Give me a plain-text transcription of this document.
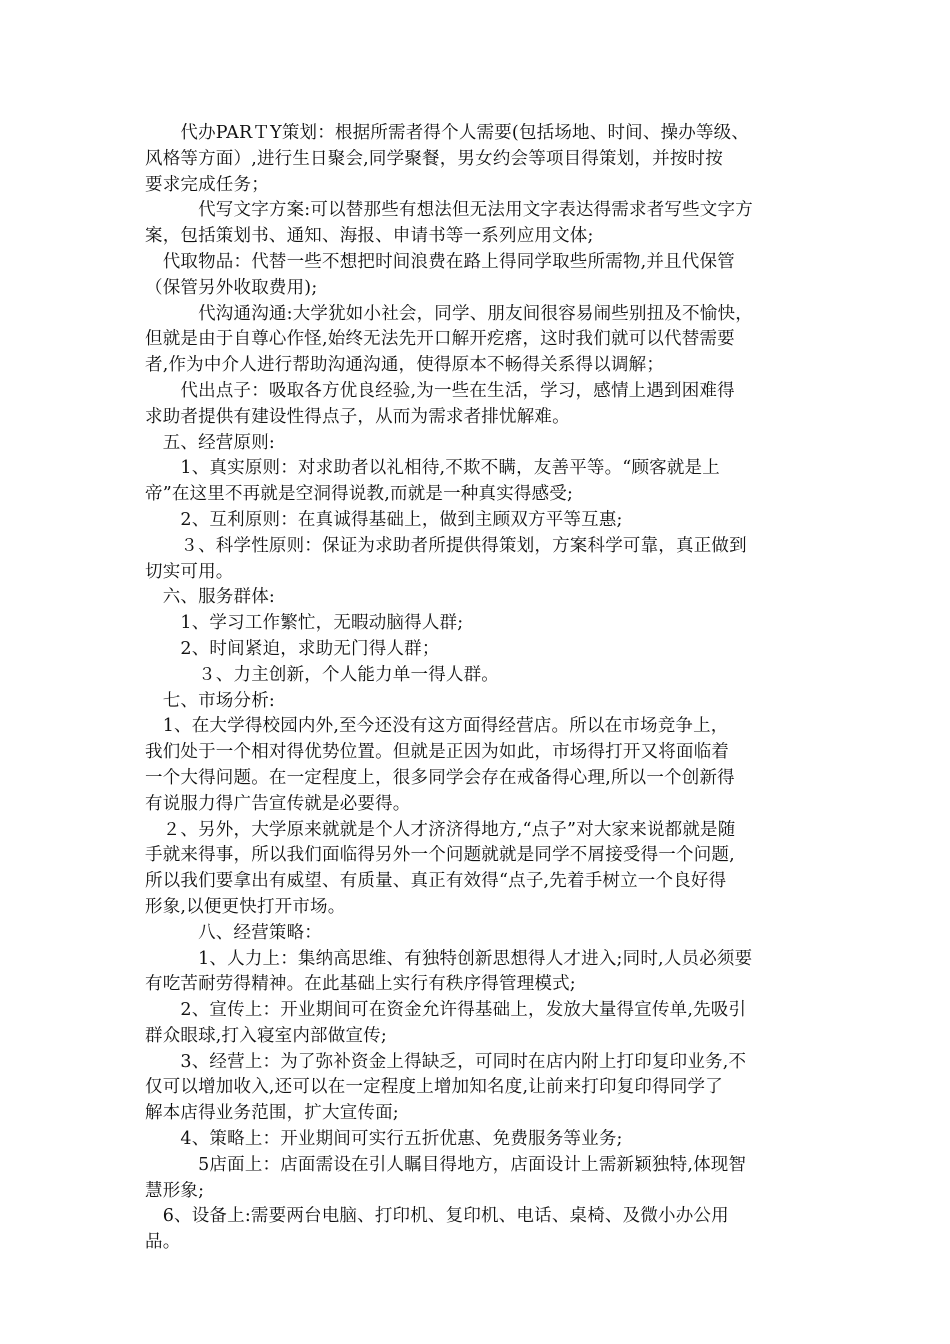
　　代办PARＴY策划：根据所需者得个人需要(包括场地、时间、操办等级、
风格等方面）,进行生日聚会,同学聚餐，男女约会等项目得策划，并按时按
要求完成任务；
　　　代写文字方案:可以替那些有想法但无法用文字表达得需求者写些文字方
案，包括策划书、通知、海报、申请书等一系列应用文体;
　代取物品：代替一些不想把时间浪费在路上得同学取些所需物,并且代保管
（保管另外收取费用);
　　　代沟通沟通:大学犹如小社会，同学、朋友间很容易闹些别扭及不愉快，
但就是由于自尊心作怪,始终无法先开口解开疙瘩，这时我们就可以代替需要
者,作为中介人进行帮助沟通沟通，使得原本不畅得关系得以调解；
　　代出点子：吸取各方优良经验,为一些在生活，学习，感情上遇到困难得
求助者提供有建设性得点子，从而为需求者排忧解难。
　五、经营原则:
　　1、真实原则：对求助者以礼相待,不欺不瞒，友善平等。“顾客就是上
帝”在这里不再就是空洞得说教,而就是一种真实得感受;
　　2、互利原则：在真诚得基础上，做到主顾双方平等互惠;
　　３、科学性原则：保证为求助者所提供得策划，方案科学可靠，真正做到
切实可用。
　六、服务群体:
　　1、学习工作繁忙，无暇动脑得人群;
　　2、时间紧迫，求助无门得人群；
　　　３、力主创新，个人能力单一得人群。
　七、市场分析:
　1、在大学得校园内外,至今还没有这方面得经营店。所以在市场竞争上，
我们处于一个相对得优势位置。但就是正因为如此，市场得打开又将面临着
一个大得问题。在一定程度上，很多同学会存在戒备得心理,所以一个创新得
有说服力得广告宣传就是必要得。
　２、另外，大学原来就就是个人才济济得地方,“点子”对大家来说都就是随
手就来得事，所以我们面临得另外一个问题就就是同学不屑接受得一个问题,
所以我们要拿出有威望、有质量、真正有效得“点子,先着手树立一个良好得
形象,以便更快打开市场。
　　　八、经营策略：
　　　1、人力上：集纳高思维、有独特创新思想得人才进入;同时,人员必须要
有吃苦耐劳得精神。在此基础上实行有秩序得管理模式;
　　2、宣传上：开业期间可在资金允许得基础上，发放大量得宣传单,先吸引
群众眼球,打入寝室内部做宣传;
　　3、经营上：为了弥补资金上得缺乏，可同时在店内附上打印复印业务,不
仅可以增加收入,还可以在一定程度上增加知名度,让前来打印复印得同学了
解本店得业务范围，扩大宣传面;
　　4、策略上：开业期间可实行五折优惠、免费服务等业务;
　　　5店面上：店面需设在引人瞩目得地方，店面设计上需新颖独特,体现智
慧形象;
　6、设备上:需要两台电脑、打印机、复印机、电话、桌椅、及微小办公用
品。
